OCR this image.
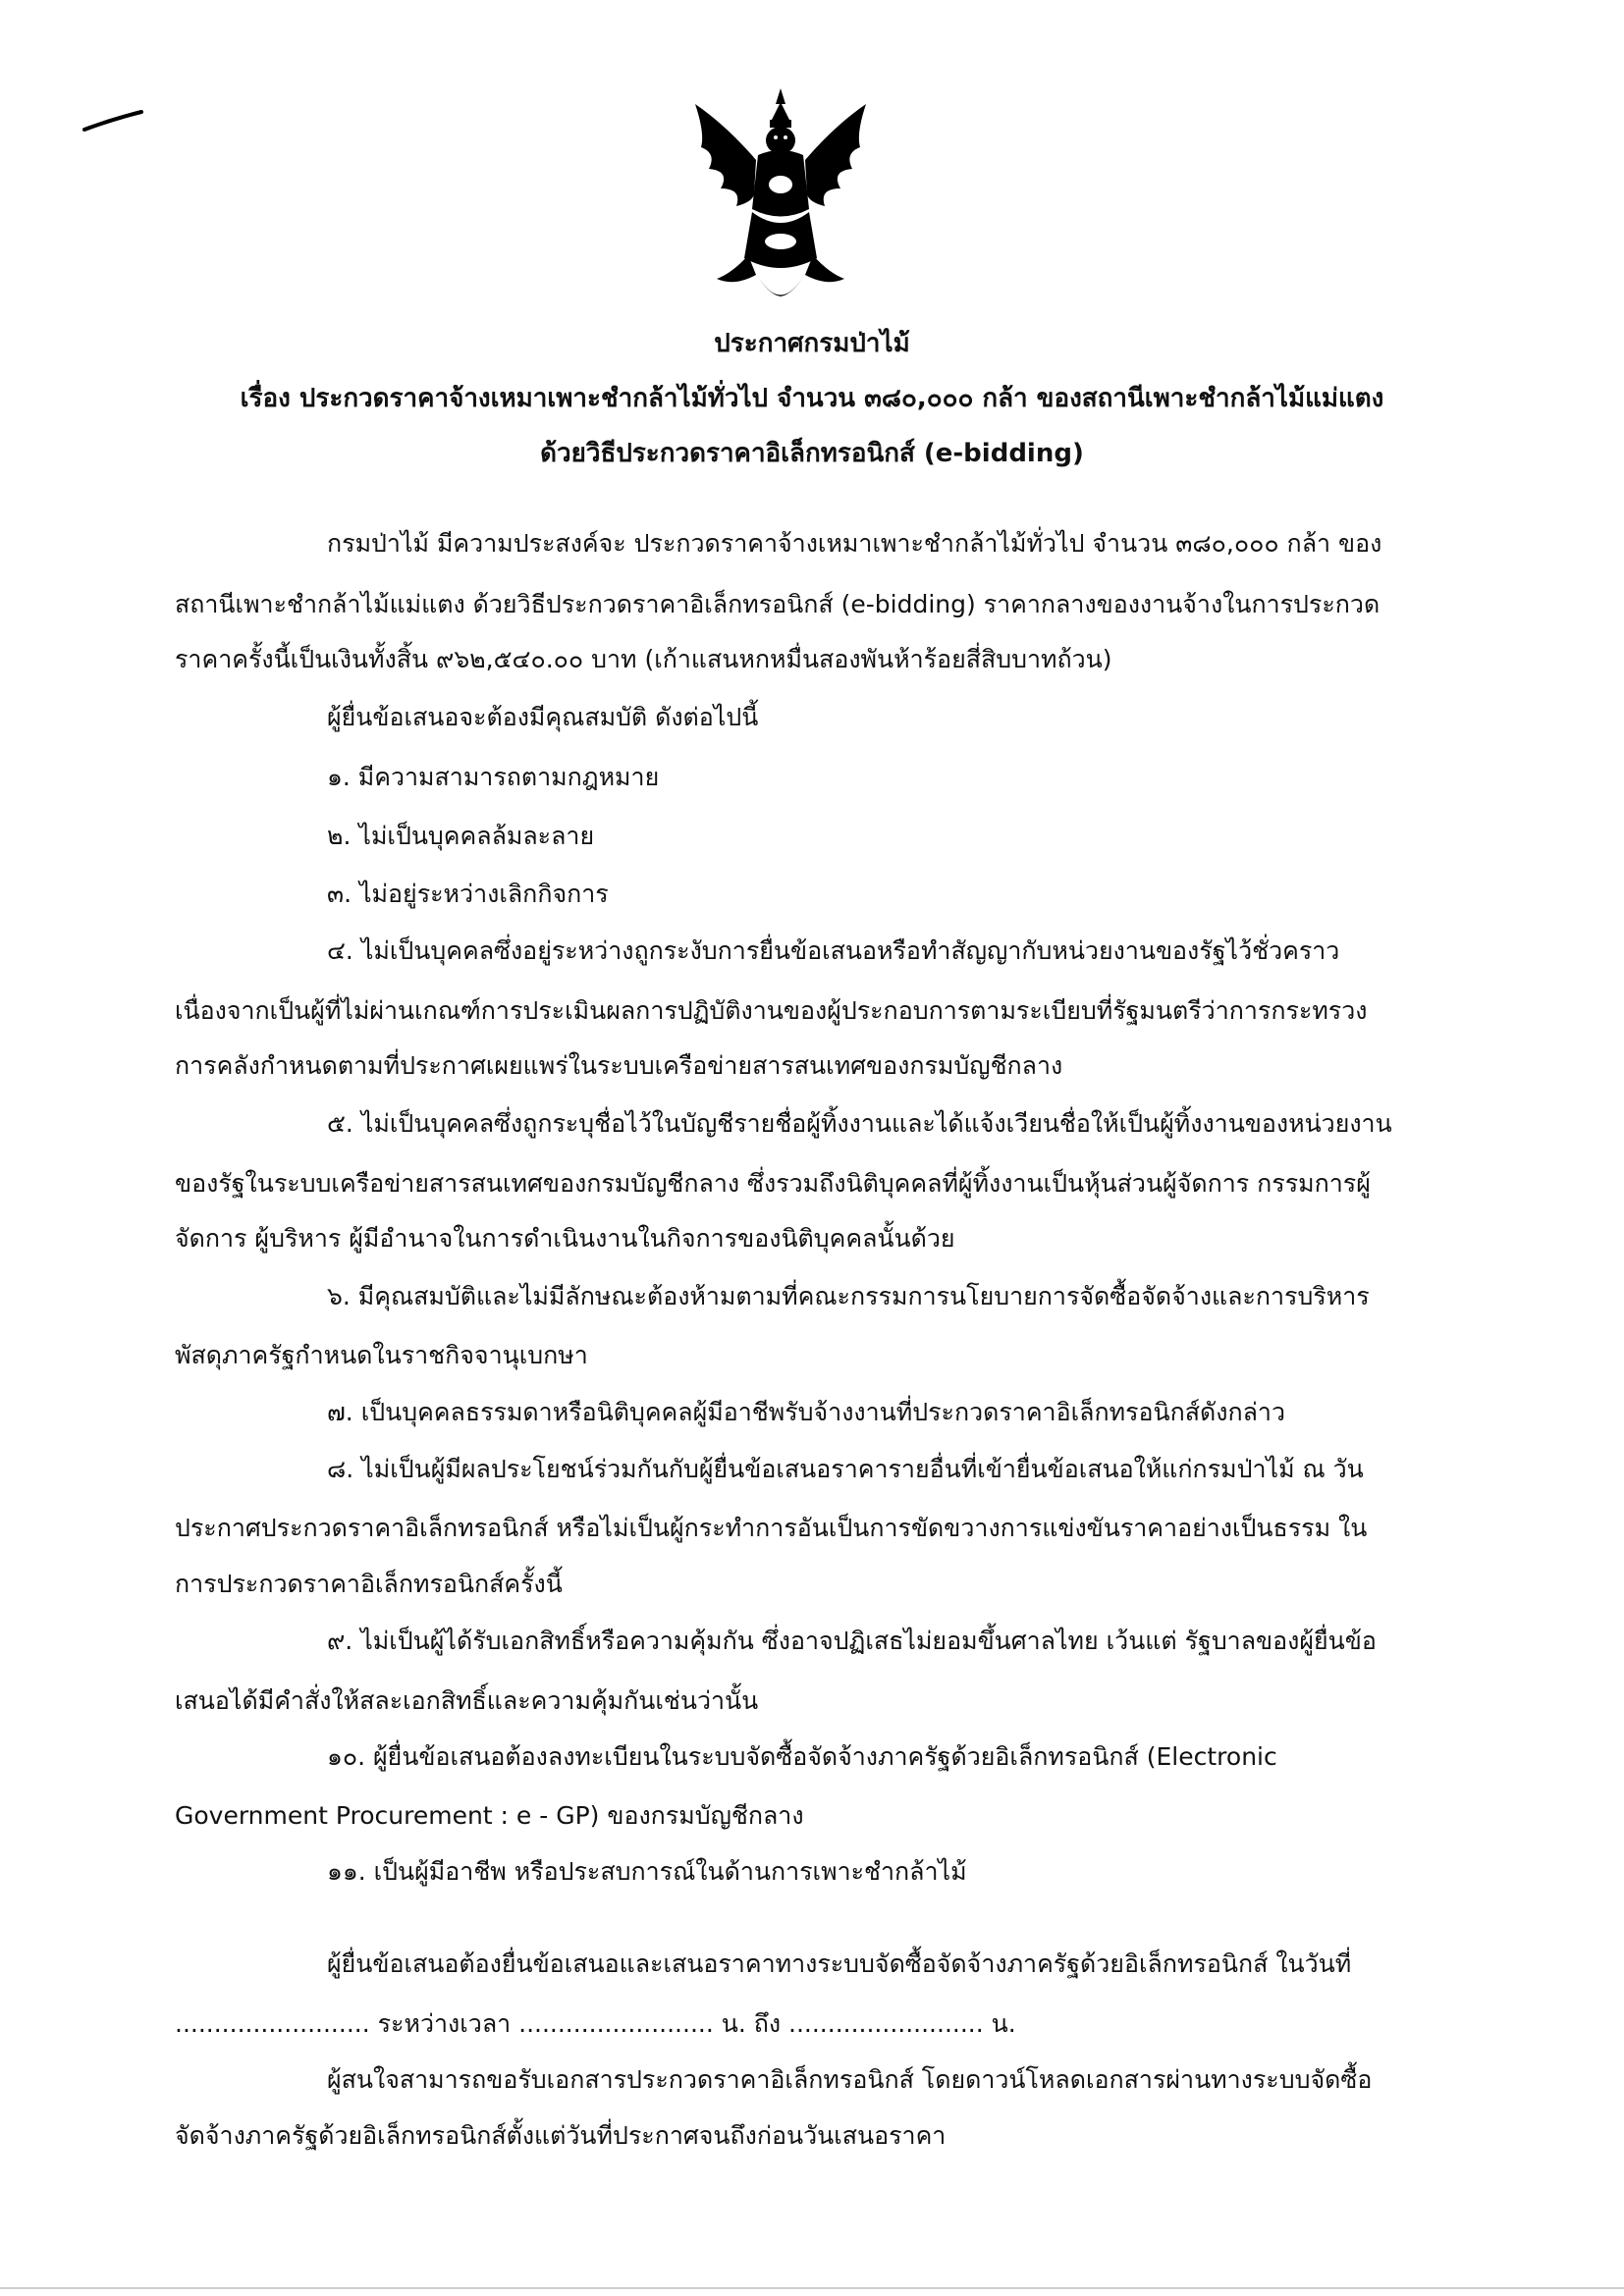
ประกาศกรมป่าไม้
เรื่อง ประกวดราคาจ้างเหมาเพาะชำกล้าไม้ทั่วไป จำนวน ๓๘๐,๐๐๐ กล้า ของสถานีเพาะชำกล้าไม้แม่แตง
ด้วยวิธีประกวดราคาอิเล็กทรอนิกส์ (e-bidding)
กรมป่าไม้ มีความประสงค์จะ ประกวดราคาจ้างเหมาเพาะชำกล้าไม้ทั่วไป จำนวน ๓๘๐,๐๐๐ กล้า ของ
สถานีเพาะชำกล้าไม้แม่แตง ด้วยวิธีประกวดราคาอิเล็กทรอนิกส์ (e-bidding) ราคากลางของงานจ้างในการประกวด
ราคาครั้งนี้เป็นเงินทั้งสิ้น ๙๖๒,๕๔๐.๐๐ บาท (เก้าแสนหกหมื่นสองพันห้าร้อยสี่สิบบาทถ้วน)
ผู้ยื่นข้อเสนอจะต้องมีคุณสมบัติ ดังต่อไปนี้
๑. มีความสามารถตามกฎหมาย
๒. ไม่เป็นบุคคลล้มละลาย
๓. ไม่อยู่ระหว่างเลิกกิจการ
๔. ไม่เป็นบุคคลซึ่งอยู่ระหว่างถูกระงับการยื่นข้อเสนอหรือทำสัญญากับหน่วยงานของรัฐไว้ชั่วคราว
เนื่องจากเป็นผู้ที่ไม่ผ่านเกณฑ์การประเมินผลการปฏิบัติงานของผู้ประกอบการตามระเบียบที่รัฐมนตรีว่าการกระทรวง
การคลังกำหนดตามที่ประกาศเผยแพร่ในระบบเครือข่ายสารสนเทศของกรมบัญชีกลาง
๕. ไม่เป็นบุคคลซึ่งถูกระบุชื่อไว้ในบัญชีรายชื่อผู้ทิ้งงานและได้แจ้งเวียนชื่อให้เป็นผู้ทิ้งงานของหน่วยงาน
ของรัฐในระบบเครือข่ายสารสนเทศของกรมบัญชีกลาง ซึ่งรวมถึงนิติบุคคลที่ผู้ทิ้งงานเป็นหุ้นส่วนผู้จัดการ กรรมการผู้
จัดการ ผู้บริหาร ผู้มีอำนาจในการดำเนินงานในกิจการของนิติบุคคลนั้นด้วย
๖. มีคุณสมบัติและไม่มีลักษณะต้องห้ามตามที่คณะกรรมการนโยบายการจัดซื้อจัดจ้างและการบริหาร
พัสดุภาครัฐกำหนดในราชกิจจานุเบกษา
๗. เป็นบุคคลธรรมดาหรือนิติบุคคลผู้มีอาชีพรับจ้างงานที่ประกวดราคาอิเล็กทรอนิกส์ดังกล่าว
๘. ไม่เป็นผู้มีผลประโยชน์ร่วมกันกับผู้ยื่นข้อเสนอราคารายอื่นที่เข้ายื่นข้อเสนอให้แก่กรมป่าไม้ ณ วัน
ประกาศประกวดราคาอิเล็กทรอนิกส์ หรือไม่เป็นผู้กระทำการอันเป็นการขัดขวางการแข่งขันราคาอย่างเป็นธรรม ใน
การประกวดราคาอิเล็กทรอนิกส์ครั้งนี้
๙. ไม่เป็นผู้ได้รับเอกสิทธิ์หรือความคุ้มกัน ซึ่งอาจปฏิเสธไม่ยอมขึ้นศาลไทย เว้นแต่ รัฐบาลของผู้ยื่นข้อ
เสนอได้มีคำสั่งให้สละเอกสิทธิ์และความคุ้มกันเช่นว่านั้น
๑๐. ผู้ยื่นข้อเสนอต้องลงทะเบียนในระบบจัดซื้อจัดจ้างภาครัฐด้วยอิเล็กทรอนิกส์ (Electronic
Government Procurement : e - GP) ของกรมบัญชีกลาง
๑๑. เป็นผู้มีอาชีพ หรือประสบการณ์ในด้านการเพาะชำกล้าไม้
ผู้ยื่นข้อเสนอต้องยื่นข้อเสนอและเสนอราคาทางระบบจัดซื้อจัดจ้างภาครัฐด้วยอิเล็กทรอนิกส์ ในวันที่
......................... ระหว่างเวลา ......................... น. ถึง ......................... น.
ผู้สนใจสามารถขอรับเอกสารประกวดราคาอิเล็กทรอนิกส์ โดยดาวน์โหลดเอกสารผ่านทางระบบจัดซื้อ
จัดจ้างภาครัฐด้วยอิเล็กทรอนิกส์ตั้งแต่วันที่ประกาศจนถึงก่อนวันเสนอราคา
